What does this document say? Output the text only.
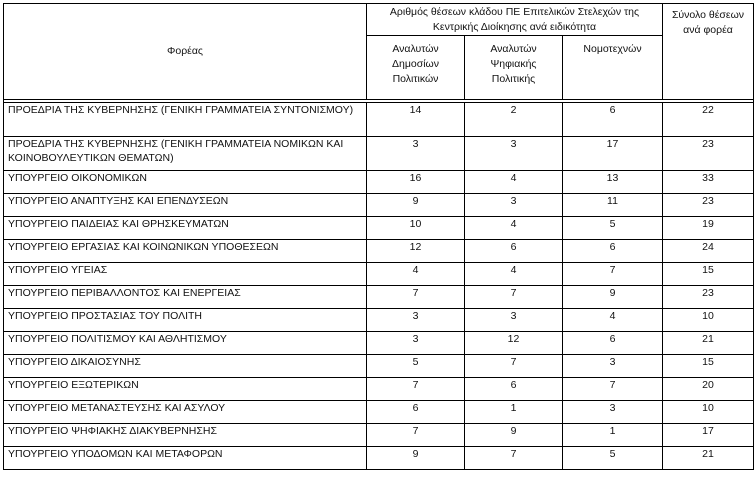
Φορέας	Αριθμός θέσεων κλάδου ΠΕ Επιτελικών Στελεχών της Κεντρικής Διοίκησης ανά ειδικότητα			Σύνολο θέσεων ανά φορέα
	Αναλυτών Δημοσίων Πολιτικών	Αναλυτών Ψηφιακής Πολιτικής	Νομοτεχνών	

ΠΡΟΕΔΡΙΑ ΤΗΣ ΚΥΒΕΡΝΗΣΗΣ (ΓΕΝΙΚΗ ΓΡΑΜΜΑΤΕΙΑ ΣΥΝΤΟΝΙΣΜΟΥ)	14	2	6	22
ΠΡΟΕΔΡΙΑ ΤΗΣ ΚΥΒΕΡΝΗΣΗΣ (ΓΕΝΙΚΗ ΓΡΑΜΜΑΤΕΙΑ ΝΟΜΙΚΩΝ ΚΑΙ ΚΟΙΝΟΒΟΥΛΕΥΤΙΚΩΝ ΘΕΜΑΤΩΝ)	3	3	17	23
ΥΠΟΥΡΓΕΙΟ ΟΙΚΟΝΟΜΙΚΩΝ	16	4	13	33
ΥΠΟΥΡΓΕΙΟ ΑΝΑΠΤΥΞΗΣ ΚΑΙ ΕΠΕΝΔΥΣΕΩΝ	9	3	11	23
ΥΠΟΥΡΓΕΙΟ ΠΑΙΔΕΙΑΣ ΚΑΙ ΘΡΗΣΚΕΥΜΑΤΩΝ	10	4	5	19
ΥΠΟΥΡΓΕΙΟ ΕΡΓΑΣΙΑΣ ΚΑΙ ΚΟΙΝΩΝΙΚΩΝ ΥΠΟΘΕΣΕΩΝ	12	6	6	24
ΥΠΟΥΡΓΕΙΟ ΥΓΕΙΑΣ	4	4	7	15
ΥΠΟΥΡΓΕΙΟ ΠΕΡΙΒΑΛΛΟΝΤΟΣ ΚΑΙ ΕΝΕΡΓΕΙΑΣ	7	7	9	23
ΥΠΟΥΡΓΕΙΟ ΠΡΟΣΤΑΣΙΑΣ ΤΟΥ ΠΟΛΙΤΗ	3	3	4	10
ΥΠΟΥΡΓΕΙΟ ΠΟΛΙΤΙΣΜΟΥ ΚΑΙ ΑΘΛΗΤΙΣΜΟΥ	3	12	6	21
ΥΠΟΥΡΓΕΙΟ ΔΙΚΑΙΟΣΥΝΗΣ	5	7	3	15
ΥΠΟΥΡΓΕΙΟ ΕΞΩΤΕΡΙΚΩΝ	7	6	7	20
ΥΠΟΥΡΓΕΙΟ ΜΕΤΑΝΑΣΤΕΥΣΗΣ ΚΑΙ ΑΣΥΛΟΥ	6	1	3	10
ΥΠΟΥΡΓΕΙΟ ΨΗΦΙΑΚΗΣ ΔΙΑΚΥΒΕΡΝΗΣΗΣ	7	9	1	17
ΥΠΟΥΡΓΕΙΟ ΥΠΟΔΟΜΩΝ ΚΑΙ ΜΕΤΑΦΟΡΩΝ	9	7	5	21
